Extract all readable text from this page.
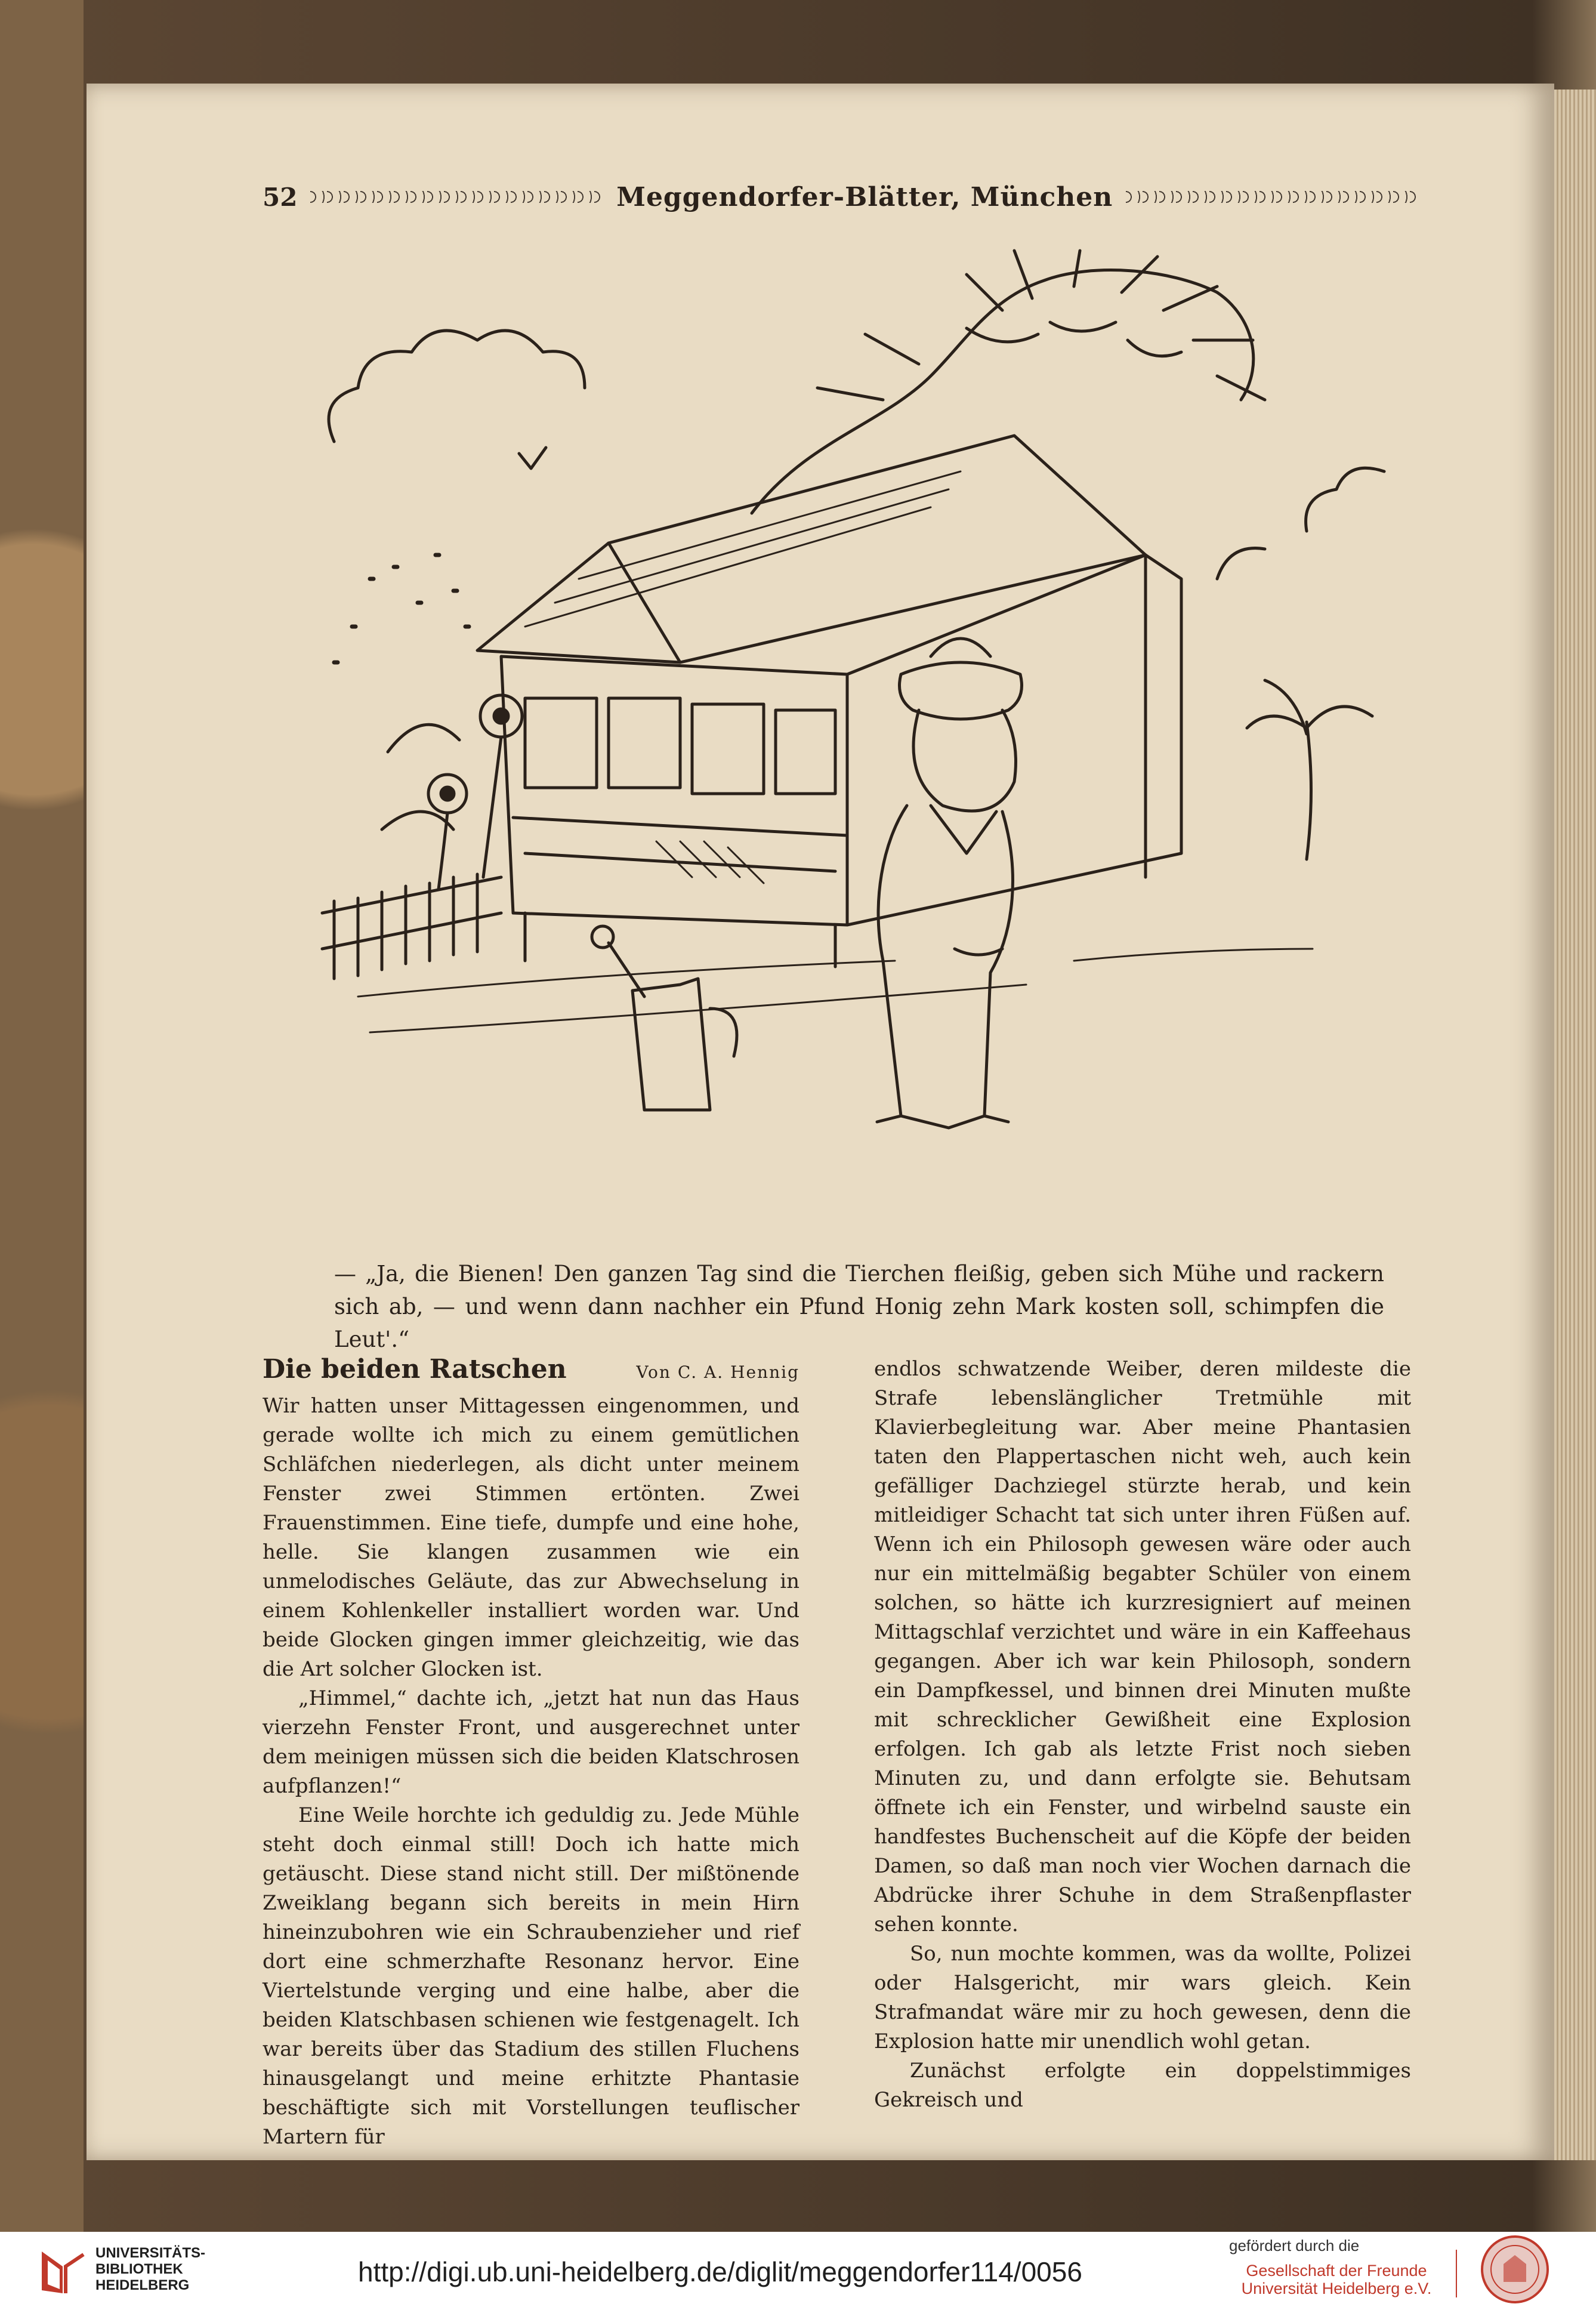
52	Meggendorfer-Blätter, München

— „Ja, die Bienen! Den ganzen Tag sind die Tierchen fleißig, geben sich Mühe und rackern sich ab, — und wenn dann nachher ein Pfund Honig zehn Mark kosten soll, schimpfen die Leut'.“

Die beiden Ratschen	Von C. A. Hennig

Wir hatten unser Mittagessen eingenommen, und gerade wollte ich mich zu einem gemütlichen Schläfchen niederlegen, als dicht unter meinem Fenster zwei Stimmen ertönten. Zwei Frauenstimmen. Eine tiefe, dumpfe und eine hohe, helle. Sie klangen zusammen wie ein unmelodisches Geläute, das zur Abwechselung in einem Kohlenkeller installiert worden war. Und beide Glocken gingen immer gleichzeitig, wie das die Art solcher Glocken ist.

„Himmel,“ dachte ich, „jetzt hat nun das Haus vierzehn Fenster Front, und ausgerechnet unter dem meinigen müssen sich die beiden Klatschrosen aufpflanzen!“

Eine Weile horchte ich geduldig zu. Jede Mühle steht doch einmal still! Doch ich hatte mich getäuscht. Diese stand nicht still. Der mißtönende Zweiklang begann sich bereits in mein Hirn hineinzubohren wie ein Schraubenzieher und rief dort eine schmerzhafte Resonanz hervor. Eine Viertelstunde verging und eine halbe, aber die beiden Klatschbasen schienen wie festgenagelt. Ich war bereits über das Stadium des stillen Fluchens hinausgelangt und meine erhitzte Phantasie beschäftigte sich mit Vorstellungen teuflischer Martern für

endlos schwatzende Weiber, deren mildeste die Strafe lebenslänglicher Tretmühle mit Klavierbegleitung war. Aber meine Phantasien taten den Plappertaschen nicht weh, auch kein gefälliger Dachziegel stürzte herab, und kein mitleidiger Schacht tat sich unter ihren Füßen auf. Wenn ich ein Philosoph gewesen wäre oder auch nur ein mittelmäßig begabter Schüler von einem solchen, so hätte ich kurzresigniert auf meinen Mittagschlaf verzichtet und wäre in ein Kaffeehaus gegangen. Aber ich war kein Philosoph, sondern ein Dampfkessel, und binnen drei Minuten mußte mit schrecklicher Gewißheit eine Explosion erfolgen. Ich gab als letzte Frist noch sieben Minuten zu, und dann erfolgte sie. Behutsam öffnete ich ein Fenster, und wirbelnd sauste ein handfestes Buchenscheit auf die Köpfe der beiden Damen, so daß man noch vier Wochen darnach die Abdrücke ihrer Schuhe in dem Straßenpflaster sehen konnte.

So, nun mochte kommen, was da wollte, Polizei oder Halsgericht, mir wars gleich. Kein Strafmandat wäre mir zu hoch gewesen, denn die Explosion hatte mir unendlich wohl getan.

Zunächst erfolgte ein doppelstimmiges Gekreisch und

UNIVERSITÄTS-
BIBLIOTHEK
HEIDELBERG	http://digi.ub.uni-heidelberg.de/diglit/meggendorfer114/0056
gefördert durch die
Gesellschaft der Freunde
Universität Heidelberg e.V.
